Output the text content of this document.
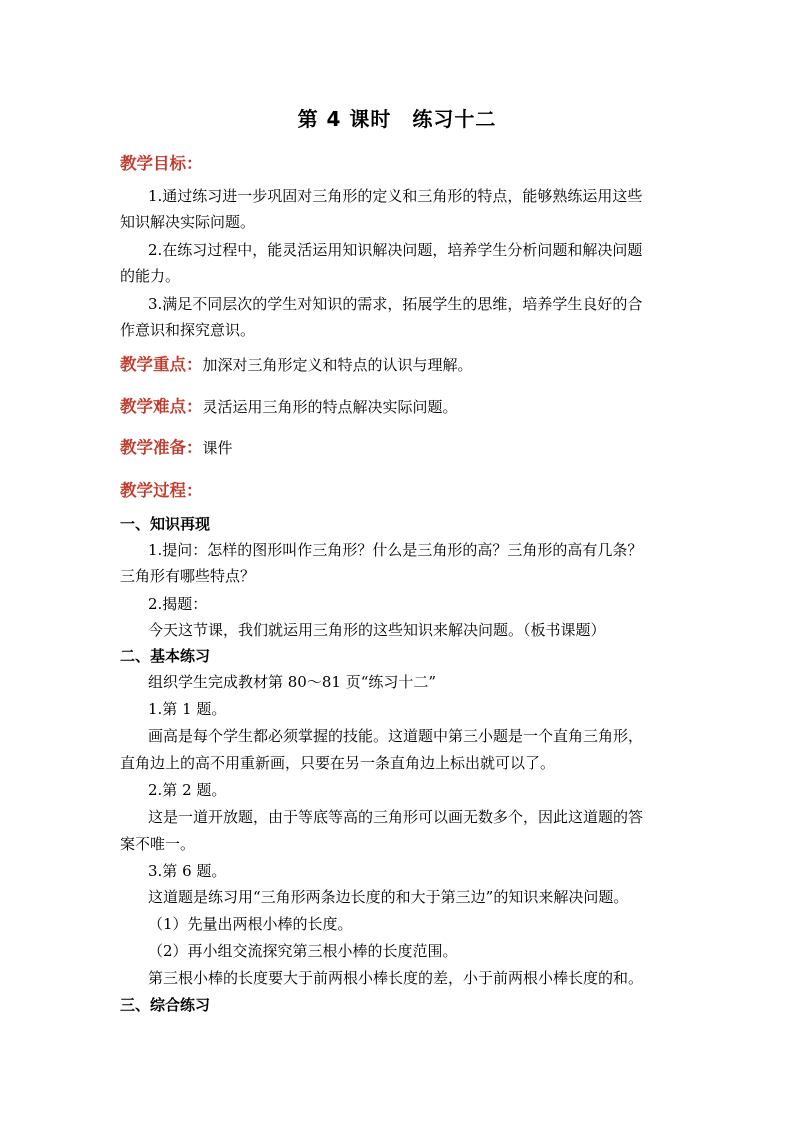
第 4 课时　练习十二
教学目标：
1.通过练习进一步巩固对三角形的定义和三角形的特点，能够熟练运用这些
知识解决实际问题。
2.在练习过程中，能灵活运用知识解决问题，培养学生分析问题和解决问题
的能力。
3.满足不同层次的学生对知识的需求，拓展学生的思维，培养学生良好的合
作意识和探究意识。
教学重点：加深对三角形定义和特点的认识与理解。
教学难点：灵活运用三角形的特点解决实际问题。
教学准备：课件
教学过程：
一、知识再现
1.提问：怎样的图形叫作三角形？什么是三角形的高？三角形的高有几条？
三角形有哪些特点？
2.揭题：
今天这节课，我们就运用三角形的这些知识来解决问题。（板书课题）
二、基本练习
组织学生完成教材第 80～81 页“练习十二”
1.第 1 题。
画高是每个学生都必须掌握的技能。这道题中第三小题是一个直角三角形，
直角边上的高不用重新画，只要在另一条直角边上标出就可以了。
2.第 2 题。
这是一道开放题，由于等底等高的三角形可以画无数多个，因此这道题的答
案不唯一。
3.第 6 题。
这道题是练习用“三角形两条边长度的和大于第三边”的知识来解决问题。
（1）先量出两根小棒的长度。
（2）再小组交流探究第三根小棒的长度范围。
第三根小棒的长度要大于前两根小棒长度的差，小于前两根小棒长度的和。
三、综合练习
